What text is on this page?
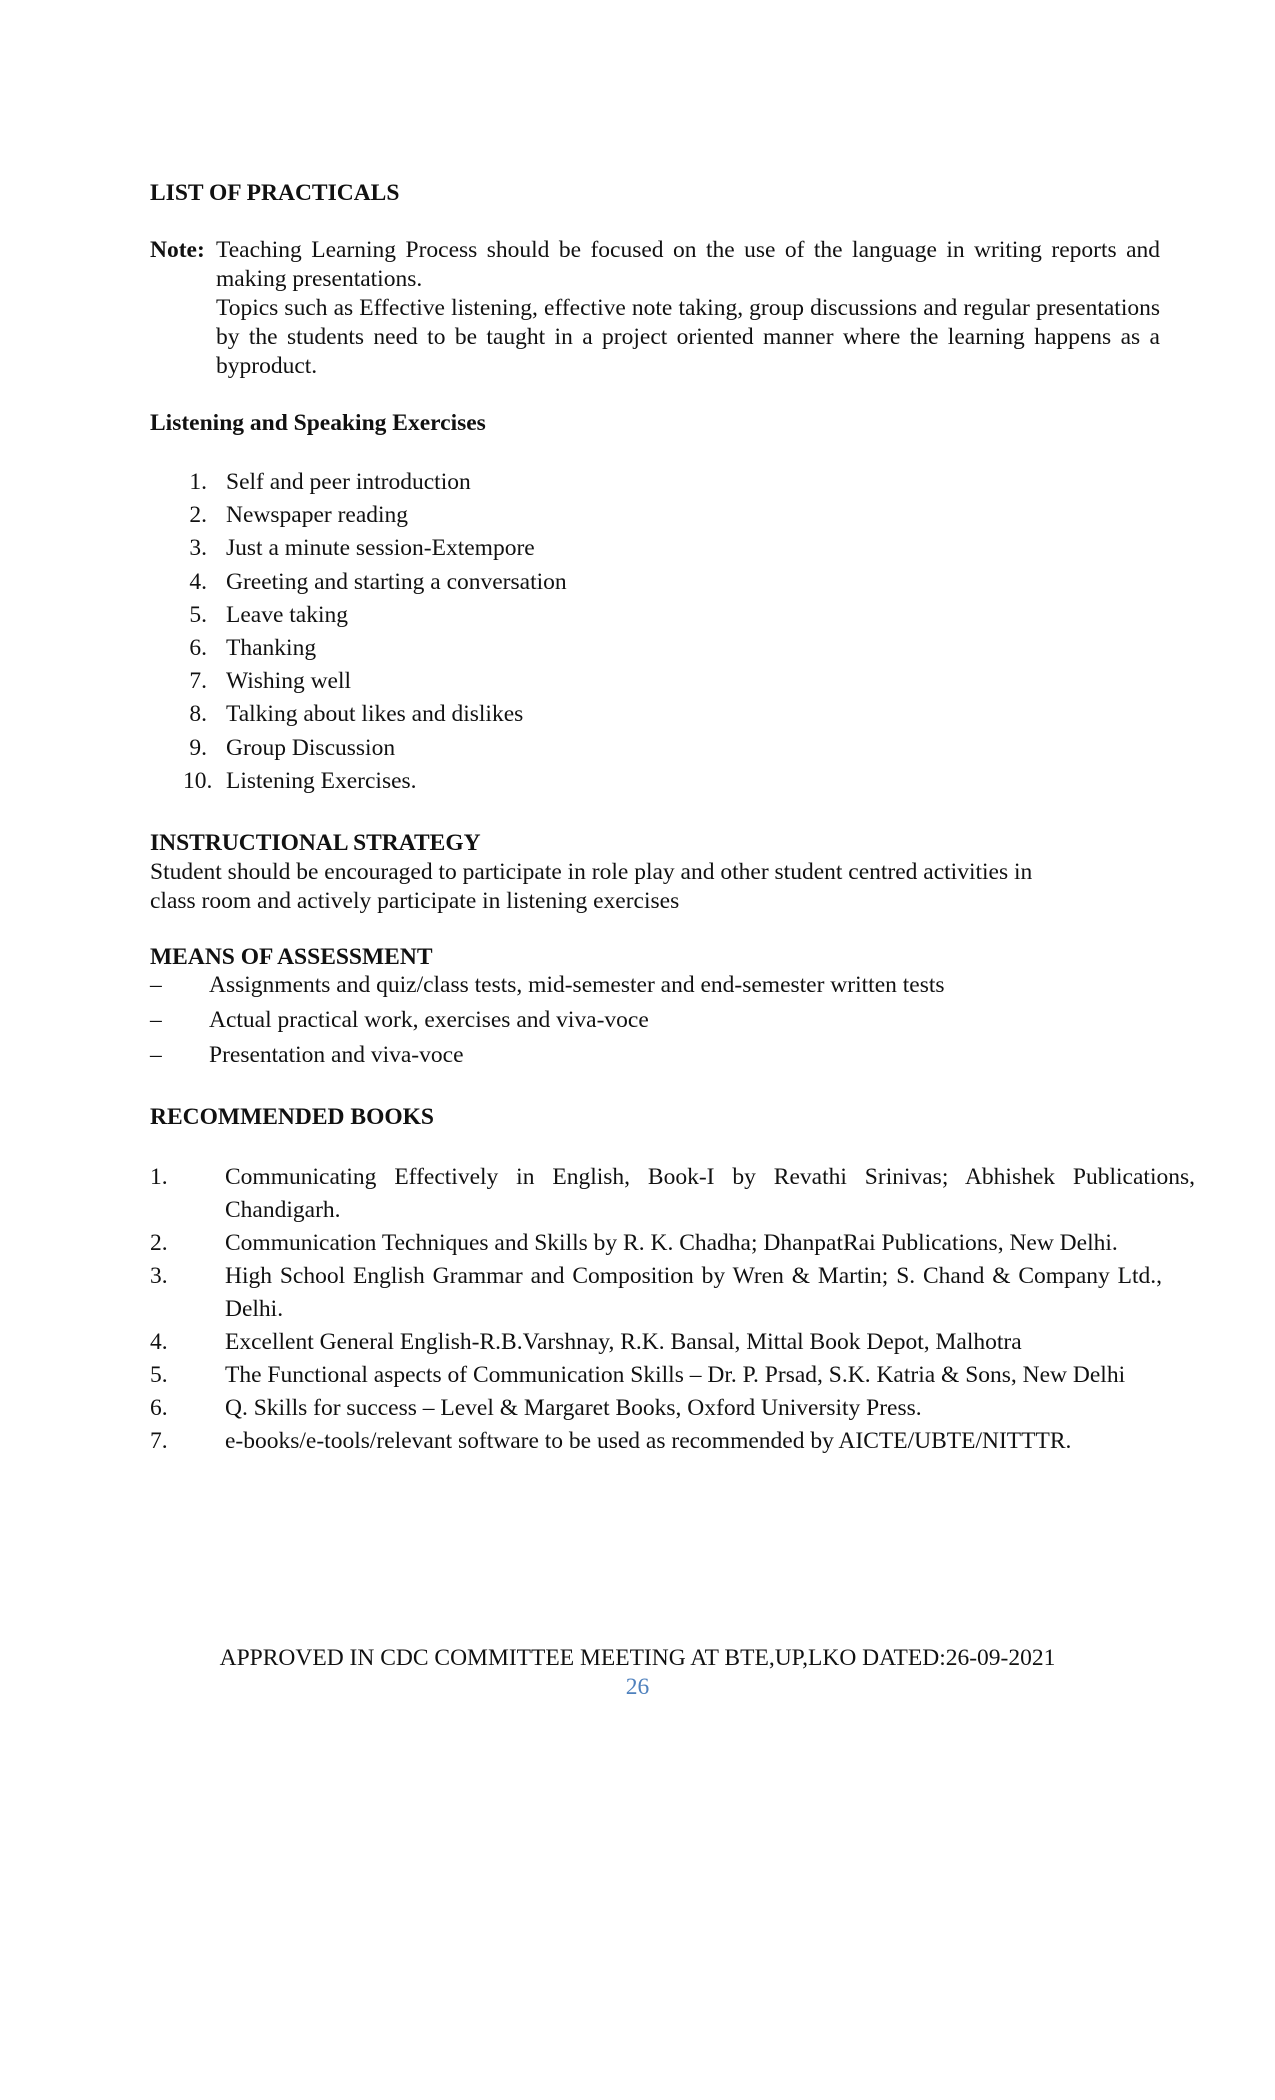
LIST OF PRACTICALS
Note: Teaching Learning Process should be focused on the use of the language in writing reports and making presentations.

Topics such as Effective listening, effective note taking, group discussions and regular presentations by the students need to be taught in a project oriented manner where the learning happens as a byproduct.

Listening and Speaking Exercises
1. Self and peer introduction
2. Newspaper reading
3. Just a minute session-Extempore
4. Greeting and starting a conversation
5. Leave taking
6. Thanking
7. Wishing well
8. Talking about likes and dislikes
9. Group Discussion
10. Listening Exercises.
INSTRUCTIONAL STRATEGY

Student should be encouraged to participate in role play and other student centred activities in
class room and actively participate in listening exercises

MEANS OF ASSESSMENT
– Assignments and quiz/class tests, mid-semester and end-semester written tests
– Actual practical work, exercises and viva-voce
– Presentation and viva-voce
RECOMMENDED BOOKS
1. Communicating Effectively in English, Book-I by Revathi Srinivas; Abhishek Publications, Chandigarh.
2. Communication Techniques and Skills by R. K. Chadha; DhanpatRai Publications, New Delhi.
3. High School English Grammar and Composition by Wren & Martin; S. Chand & Company Ltd., Delhi.
4. Excellent General English-R.B.Varshnay, R.K. Bansal, Mittal Book Depot, Malhotra
5. The Functional aspects of Communication Skills – Dr. P. Prsad, S.K. Katria & Sons, New Delhi
6. Q. Skills for success – Level & Margaret Books, Oxford University Press.
7. e-books/e-tools/relevant software to be used as recommended by AICTE/UBTE/NITTTR.
APPROVED IN CDC COMMITTEE MEETING AT BTE,UP,LKO DATED:26-09-2021
26
